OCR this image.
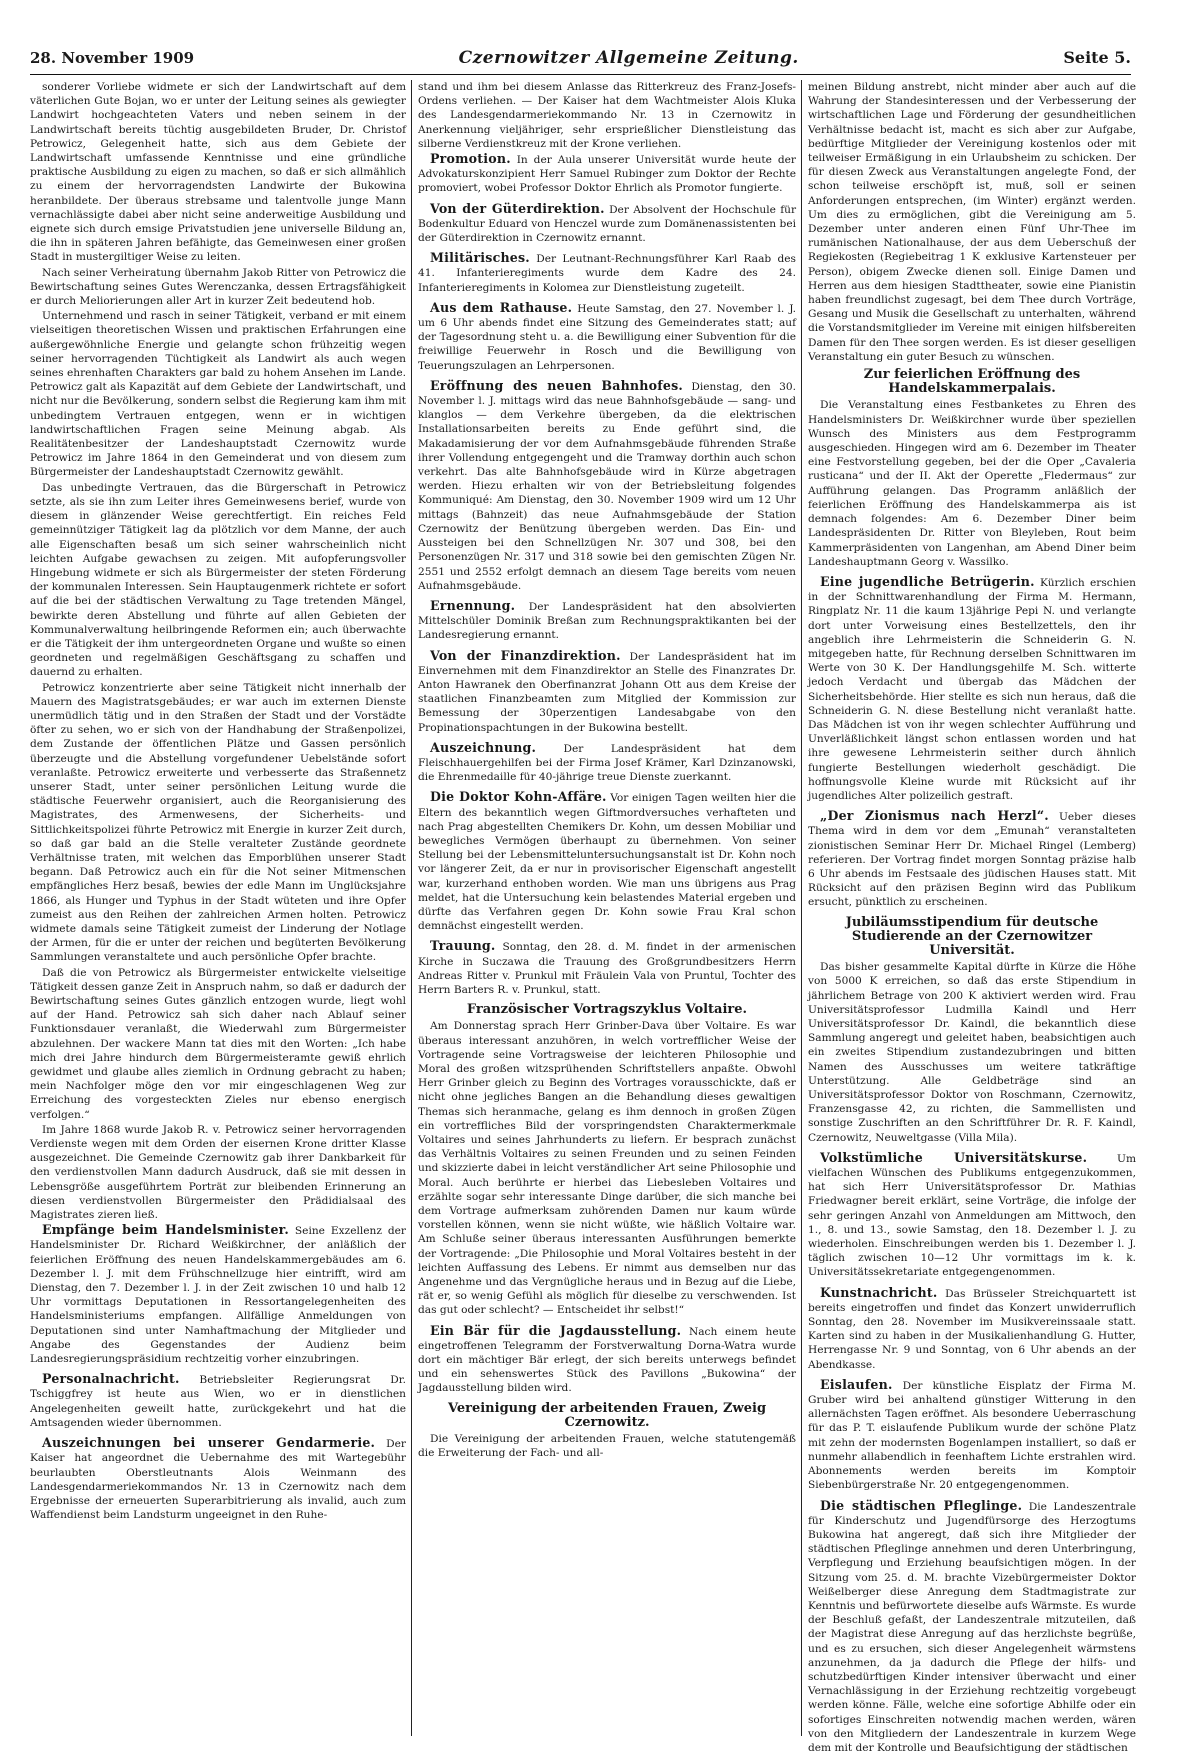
28. November 1909	Czernowitzer Allgemeine Zeitung.	Seite 5.

sonderer Vorliebe widmete er sich der Landwirtschaft auf dem väterlichen Gute Bojan, wo er unter der Leitung seines als gewiegter Landwirt hochgeachteten Vaters und neben seinem in der Landwirtschaft bereits tüchtig ausgebildeten Bruder, Dr. Christof Petrowicz, Gelegenheit hatte, sich aus dem Gebiete der Landwirtschaft umfassende Kenntnisse und eine gründliche praktische Ausbildung zu eigen zu machen, so daß er sich allmählich zu einem der hervorragendsten Landwirte der Bukowina heranbildete. Der überaus strebsame und talentvolle junge Mann vernachlässigte dabei aber nicht seine anderweitige Ausbildung und eignete sich durch emsige Privatstudien jene universelle Bildung an, die ihn in späteren Jahren befähigte, das Gemeinwesen einer großen Stadt in mustergiltiger Weise zu leiten.

Nach seiner Verheiratung übernahm Jakob Ritter von Petrowicz die Bewirtschaftung seines Gutes Werenczanka, dessen Ertragsfähigkeit er durch Meliorierungen aller Art in kurzer Zeit bedeutend hob.

Unternehmend und rasch in seiner Tätigkeit, verband er mit einem vielseitigen theoretischen Wissen und praktischen Erfahrungen eine außergewöhnliche Energie und gelangte schon frühzeitig wegen seiner hervorragenden Tüchtigkeit als Landwirt als auch wegen seines ehrenhaften Charakters gar bald zu hohem Ansehen im Lande. Petrowicz galt als Kapazität auf dem Gebiete der Landwirtschaft, und nicht nur die Bevölkerung, sondern selbst die Regierung kam ihm mit unbedingtem Vertrauen entgegen, wenn er in wichtigen landwirtschaftlichen Fragen seine Meinung abgab. Als Realitätenbesitzer der Landeshauptstadt Czernowitz wurde Petrowicz im Jahre 1864 in den Gemeinderat und von diesem zum Bürgermeister der Landeshauptstadt Czernowitz gewählt.

Das unbedingte Vertrauen, das die Bürgerschaft in Petrowicz setzte, als sie ihn zum Leiter ihres Gemeinwesens berief, wurde von diesem in glänzender Weise gerechtfertigt. Ein reiches Feld gemeinnütziger Tätigkeit lag da plötzlich vor dem Manne, der auch alle Eigenschaften besaß um sich seiner wahrscheinlich nicht leichten Aufgabe gewachsen zu zeigen. Mit aufopferungsvoller Hingebung widmete er sich als Bürgermeister der steten Förderung der kommunalen Interessen. Sein Hauptaugenmerk richtete er sofort auf die bei der städtischen Verwaltung zu Tage tretenden Mängel, bewirkte deren Abstellung und führte auf allen Gebieten der Kommunalverwaltung heilbringende Reformen ein; auch überwachte er die Tätigkeit der ihm untergeordneten Organe und wußte so einen geordneten und regelmäßigen Geschäftsgang zu schaffen und dauernd zu erhalten.

Petrowicz konzentrierte aber seine Tätigkeit nicht innerhalb der Mauern des Magistratsgebäudes; er war auch im externen Dienste unermüdlich tätig und in den Straßen der Stadt und der Vorstädte öfter zu sehen, wo er sich von der Handhabung der Straßenpolizei, dem Zustande der öffentlichen Plätze und Gassen persönlich überzeugte und die Abstellung vorgefundener Uebelstände sofort veranlaßte. Petrowicz erweiterte und verbesserte das Straßennetz unserer Stadt, unter seiner persönlichen Leitung wurde die städtische Feuerwehr organisiert, auch die Reorganisierung des Magistrates, des Armenwesens, der Sicherheits- und Sittlichkeitspolizei führte Petrowicz mit Energie in kurzer Zeit durch, so daß gar bald an die Stelle veralteter Zustände geordnete Verhältnisse traten, mit welchen das Emporblühen unserer Stadt begann. Daß Petrowicz auch ein für die Not seiner Mitmenschen empfängliches Herz besaß, bewies der edle Mann im Unglücksjahre 1866, als Hunger und Typhus in der Stadt wüteten und ihre Opfer zumeist aus den Reihen der zahlreichen Armen holten. Petrowicz widmete damals seine Tätigkeit zumeist der Linderung der Notlage der Armen, für die er unter der reichen und begüterten Bevölkerung Sammlungen veranstaltete und auch persönliche Opfer brachte.

Daß die von Petrowicz als Bürgermeister entwickelte vielseitige Tätigkeit dessen ganze Zeit in Anspruch nahm, so daß er dadurch der Bewirtschaftung seines Gutes gänzlich entzogen wurde, liegt wohl auf der Hand. Petrowicz sah sich daher nach Ablauf seiner Funktionsdauer veranlaßt, die Wiederwahl zum Bürgermeister abzulehnen. Der wackere Mann tat dies mit den Worten: „Ich habe mich drei Jahre hindurch dem Bürgermeisteramte gewiß ehrlich gewidmet und glaube alles ziemlich in Ordnung gebracht zu haben; mein Nachfolger möge den vor mir eingeschlagenen Weg zur Erreichung des vorgesteckten Zieles nur ebenso energisch verfolgen.“

Im Jahre 1868 wurde Jakob R. v. Petrowicz seiner hervorragenden Verdienste wegen mit dem Orden der eisernen Krone dritter Klasse ausgezeichnet. Die Gemeinde Czernowitz gab ihrer Dankbarkeit für den verdienstvollen Mann dadurch Ausdruck, daß sie mit dessen in Lebensgröße ausgeführtem Porträt zur bleibenden Erinnerung an diesen verdienstvollen Bürgermeister den Prädidialsaal des Magistrates zieren ließ.

Empfänge beim Handelsminister. Seine Exzellenz der Handelsminister Dr. Richard Weißkirchner, der anläßlich der feierlichen Eröffnung des neuen Handelskammergebäudes am 6. Dezember l. J. mit dem Frühschnellzuge hier eintrifft, wird am Dienstag, den 7. Dezember l. J. in der Zeit zwischen 10 und halb 12 Uhr vormittags Deputationen in Ressortangelegenheiten des Handelsministeriums empfangen. Allfällige Anmeldungen von Deputationen sind unter Namhaftmachung der Mitglieder und Angabe des Gegenstandes der Audienz beim Landesregierungspräsidium rechtzeitig vorher einzubringen.

Personalnachricht. Betriebsleiter Regierungsrat Dr. Tschiggfrey ist heute aus Wien, wo er in dienstlichen Angelegenheiten geweilt hatte, zurückgekehrt und hat die Amtsagenden wieder übernommen.

Auszeichnungen bei unserer Gendarmerie. Der Kaiser hat angeordnet die Uebernahme des mit Wartegebühr beurlaubten Oberstleutnants Alois Weinmann des Landesgendarmeriekommandos Nr. 13 in Czernowitz nach dem Ergebnisse der erneuerten Superarbitrierung als invalid, auch zum Waffendienst beim Landsturm ungeeignet in den Ruhe-

stand und ihm bei diesem Anlasse das Ritterkreuz des Franz-Josefs-Ordens verliehen. — Der Kaiser hat dem Wachtmeister Alois Kluka des Landesgendarmeriekommando Nr. 13 in Czernowitz in Anerkennung vieljähriger, sehr ersprießlicher Dienstleistung das silberne Verdienstkreuz mit der Krone verliehen.

Promotion. In der Aula unserer Universität wurde heute der Advokaturskonzipient Herr Samuel Rubinger zum Doktor der Rechte promoviert, wobei Professor Doktor Ehrlich als Promotor fungierte.

Von der Güterdirektion. Der Absolvent der Hochschule für Bodenkultur Eduard von Henczel wurde zum Domänenassistenten bei der Güterdirektion in Czernowitz ernannt.

Militärisches. Der Leutnant-Rechnungsführer Karl Raab des 41. Infanterieregiments wurde dem Kadre des 24. Infanterieregiments in Kolomea zur Dienstleistung zugeteilt.

Aus dem Rathause. Heute Samstag, den 27. November l. J. um 6 Uhr abends findet eine Sitzung des Gemeinderates statt; auf der Tagesordnung steht u. a. die Bewilligung einer Subvention für die freiwillige Feuerwehr in Rosch und die Bewilligung von Teuerungszulagen an Lehrpersonen.

Eröffnung des neuen Bahnhofes. Dienstag, den 30. November l. J. mittags wird das neue Bahnhofsgebäude — sang- und klanglos — dem Verkehre übergeben, da die elektrischen Installationsarbeiten bereits zu Ende geführt sind, die Makadamisierung der vor dem Aufnahmsgebäude führenden Straße ihrer Vollendung entgegengeht und die Tramway dorthin auch schon verkehrt. Das alte Bahnhofsgebäude wird in Kürze abgetragen werden. Hiezu erhalten wir von der Betriebsleitung folgendes Kommuniqué: Am Dienstag, den 30. November 1909 wird um 12 Uhr mittags (Bahnzeit) das neue Aufnahmsgebäude der Station Czernowitz der Benützung übergeben werden. Das Ein- und Aussteigen bei den Schnellzügen Nr. 307 und 308, bei den Personenzügen Nr. 317 und 318 sowie bei den gemischten Zügen Nr. 2551 und 2552 erfolgt demnach an diesem Tage bereits vom neuen Aufnahmsgebäude.

Ernennung. Der Landespräsident hat den absolvierten Mittelschüler Dominik Breßan zum Rechnungspraktikanten bei der Landesregierung ernannt.

Von der Finanzdirektion. Der Landespräsident hat im Einvernehmen mit dem Finanzdirektor an Stelle des Finanzrates Dr. Anton Hawranek den Oberfinanzrat Johann Ott aus dem Kreise der staatlichen Finanzbeamten zum Mitglied der Kommission zur Bemessung der 30perzentigen Landesabgabe von den Propinationspachtungen in der Bukowina bestellt.

Auszeichnung.	Der Landespräsident hat dem Fleischhauergehilfen bei der Firma Josef Krämer, Karl Dzinzanowski, die Ehrenmedaille für 40-jährige treue Dienste zuerkannt.

Die Doktor Kohn-Affäre. Vor einigen Tagen weilten hier die Eltern des bekanntlich wegen Giftmordversuches verhafteten und nach Prag abgestellten Chemikers Dr. Kohn, um dessen Mobiliar und bewegliches Vermögen überhaupt zu übernehmen. Von seiner Stellung bei der Lebensmitteluntersuchungsanstalt ist Dr. Kohn noch vor längerer Zeit, da er nur in provisorischer Eigenschaft angestellt war, kurzerhand enthoben worden. Wie man uns übrigens aus Prag meldet, hat die Untersuchung kein belastendes Material ergeben und dürfte das Verfahren gegen Dr. Kohn sowie Frau Kral schon demnächst eingestellt werden.

Trauung. Sonntag, den 28. d. M. findet in der armenischen Kirche in Suczawa die Trauung des Großgrundbesitzers Herrn Andreas Ritter v. Prunkul mit Fräulein Vala von Pruntul, Tochter des Herrn Barters R. v. Prunkul, statt.

Französischer Vortragszyklus Voltaire.

Am Donnerstag sprach Herr Grinber-Dava über Voltaire. Es war überaus interessant anzuhören, in welch vortrefflicher Weise der Vortragende seine Vortragsweise der leichteren Philosophie und Moral des großen witzsprühenden Schriftstellers anpaßte. Obwohl Herr Grinber gleich zu Beginn des Vortrages vorausschickte, daß er nicht ohne jegliches Bangen an die Behandlung dieses gewaltigen Themas sich heranmache, gelang es ihm dennoch in großen Zügen ein vortreffliches Bild der vorspringendsten Charaktermerkmale Voltaires und seines Jahrhunderts zu liefern. Er besprach zunächst das Verhältnis Voltaires zu seinen Freunden und zu seinen Feinden und skizzierte dabei in leicht verständlicher Art seine Philosophie und Moral. Auch berührte er hierbei das Liebesleben Voltaires und erzählte sogar sehr interessante Dinge darüber, die sich manche bei dem Vortrage aufmerksam zuhörenden Damen nur kaum würde vorstellen können, wenn sie nicht wüßte, wie häßlich Voltaire war. Am Schluße seiner überaus interessanten Ausführungen bemerkte der Vortragende: „Die Philosophie und Moral Voltaires besteht in der leichten Auffassung des Lebens. Er nimmt aus demselben nur das Angenehme und das Vergnügliche heraus und in Bezug auf die Liebe, rät er, so wenig Gefühl als möglich für dieselbe zu verschwenden. Ist das gut oder schlecht? — Entscheidet ihr selbst!“

Ein Bär für die Jagdausstellung. Nach einem heute eingetroffenen Telegramm der Forstverwaltung Dorna-Watra wurde dort ein mächtiger Bär erlegt, der sich bereits unterwegs befindet und ein sehenswertes Stück des Pavillons „Bukowina“ der Jagdausstellung bilden wird.

Vereinigung der arbeitenden Frauen, Zweig Czernowitz.

Die Vereinigung der arbeitenden Frauen, welche statutengemäß die Erweiterung der Fach- und all-

meinen Bildung anstrebt, nicht minder aber auch auf die Wahrung der Standesinteressen und der Verbesserung der wirtschaftlichen Lage und Förderung der gesundheitlichen Verhältnisse bedacht ist, macht es sich aber zur Aufgabe, bedürftige Mitglieder der Vereinigung kostenlos oder mit teilweiser Ermäßigung in ein Urlaubsheim zu schicken. Der für diesen Zweck aus Veranstaltungen angelegte Fond, der schon teilweise erschöpft ist, muß, soll er seinen Anforderungen entsprechen, (im Winter) ergänzt werden. Um dies zu ermöglichen, gibt die Vereinigung am 5. Dezember unter anderen einen Fünf Uhr-Thee im rumänischen Nationalhause, der aus dem Ueberschuß der Regiekosten (Regiebeitrag 1 K exklusive Kartensteuer per Person), obigem Zwecke dienen soll. Einige Damen und Herren aus dem hiesigen Stadttheater, sowie eine Pianistin haben freundlichst zugesagt, bei dem Thee durch Vorträge, Gesang und Musik die Gesellschaft zu unterhalten, während die Vorstandsmitglieder im Vereine mit einigen hilfsbereiten Damen für den Thee sorgen werden. Es ist dieser geselligen Veranstaltung ein guter Besuch zu wünschen.

Zur feierlichen Eröffnung des Handelskammerpalais.

Die Veranstaltung eines Festbanketes zu Ehren des Handelsministers Dr. Weißkirchner wurde über speziellen Wunsch des Ministers aus dem Festprogramm ausgeschieden. Hingegen wird am 6. Dezember im Theater eine Festvorstellung gegeben, bei der die Oper „Cavaleria rusticana“ und der II. Akt der Operette „Fledermaus“ zur Aufführung gelangen. Das Programm anläßlich der feierlichen Eröffnung des Handelskammerpa ais ist demnach folgendes: Am 6. Dezember Diner beim Landespräsidenten Dr. Ritter von Bleyleben, Rout beim Kammerpräsidenten von Langenhan, am Abend Diner beim Landeshauptmann Georg v. Wassilko.

Eine jugendliche Betrügerin. Kürzlich erschien in der Schnittwarenhandlung der Firma M. Hermann, Ringplatz Nr. 11 die kaum 13jährige Pepi N. und verlangte dort unter Vorweisung eines Bestellzettels, den ihr angeblich ihre Lehrmeisterin die Schneiderin G. N. mitgegeben hatte, für Rechnung derselben Schnittwaren im Werte von 30 K. Der Handlungsgehilfe M. Sch. witterte jedoch Verdacht und übergab das Mädchen der Sicherheitsbehörde. Hier stellte es sich nun heraus, daß die Schneiderin G. N. diese Bestellung nicht veranlaßt hatte. Das Mädchen ist von ihr wegen schlechter Aufführung und Unverläßlichkeit längst schon entlassen worden und hat ihre gewesene Lehrmeisterin seither durch ähnlich fungierte Bestellungen wiederholt geschädigt. Die hoffnungsvolle Kleine wurde mit Rücksicht auf ihr jugendliches Alter polizeilich gestraft.

„Der Zionismus nach Herzl“. Ueber dieses Thema wird in dem vor dem „Emunah“ veranstalteten zionistischen Seminar Herr Dr. Michael Ringel (Lemberg) referieren. Der Vortrag findet morgen Sonntag präzise halb 6 Uhr abends im Festsaale des jüdischen Hauses statt. Mit Rücksicht auf den präzisen Beginn wird das Publikum ersucht, pünktlich zu erscheinen.

Jubiläumsstipendium für deutsche Studierende an der Czernowitzer Universität.

Das bisher gesammelte Kapital dürfte in Kürze die Höhe von 5000 K erreichen, so daß das erste Stipendium in jährlichem Betrage von 200 K aktiviert werden wird. Frau Universitätsprofessor Ludmilla Kaindl und Herr Universitätsprofessor Dr. Kaindl, die bekanntlich diese Sammlung angeregt und geleitet haben, beabsichtigen auch ein zweites Stipendium zustandezubringen und bitten Namen des Ausschusses um weitere tatkräftige Unterstützung. Alle Geldbeträge sind an Universitätsprofessor Doktor von Roschmann, Czernowitz, Franzensgasse 42, zu richten, die Sammellisten und sonstige Zuschriften an den Schriftführer Dr. R. F. Kaindl, Czernowitz, Neuweltgasse (Villa Mila).

Volkstümliche Universitätskurse.	Um vielfachen Wünschen des Publikums entgegenzukommen, hat sich Herr Universitätsprofessor Dr. Mathias Friedwagner bereit erklärt, seine Vorträge, die infolge der sehr geringen Anzahl von Anmeldungen am Mittwoch, den 1., 8. und 13., sowie Samstag, den 18. Dezember l. J. zu wiederholen. Einschreibungen werden bis 1. Dezember l. J. täglich zwischen 10—12 Uhr vormittags im k. k. Universitätssekretariate entgegengenommen.

Kunstnachricht. Das Brüsseler Streichquartett ist bereits eingetroffen und findet das Konzert unwiderruflich Sonntag, den 28. November im Musikvereinssaale statt. Karten sind zu haben in der Musikalienhandlung G. Hutter, Herrengasse Nr. 9 und Sonntag, von 6 Uhr abends an der Abendkasse.

Eislaufen. Der künstliche Eisplatz der Firma M. Gruber wird bei anhaltend günstiger Witterung in den allernächsten Tagen eröffnet. Als besondere Ueberraschung für das P. T. eislaufende Publikum wurde der schöne Platz mit zehn der modernsten Bogenlampen installiert, so daß er nunmehr allabendlich in feenhaftem Lichte erstrahlen wird. Abonnements werden bereits im Komptoir Siebenbürgerstraße Nr. 20 entgegengenommen.

Die städtischen Pfleglinge. Die Landeszentrale für Kinderschutz und Jugendfürsorge des Herzogtums Bukowina hat angeregt, daß sich ihre Mitglieder der städtischen Pfleglinge annehmen und deren Unterbringung, Verpflegung und Erziehung beaufsichtigen mögen. In der Sitzung vom 25. d. M. brachte Vizebürgermeister Doktor Weißelberger diese Anregung dem Stadtmagistrate zur Kenntnis und befürwortete dieselbe aufs Wärmste. Es wurde der Beschluß gefaßt, der Landeszentrale mitzuteilen, daß der Magistrat diese Anregung auf das herzlichste begrüße, und es zu ersuchen, sich dieser Angelegenheit wärmstens anzunehmen, da ja dadurch die Pflege der hilfs- und schutzbedürftigen Kinder intensiver überwacht und einer Vernachlässigung in der Erziehung rechtzeitig vorgebeugt werden könne. Fälle, welche eine sofortige Abhilfe oder ein sofortiges Einschreiten notwendig machen werden, wären von den Mitgliedern der Landeszentrale in kurzem Wege dem mit der Kontrolle und Beaufsichtigung der städtischen
